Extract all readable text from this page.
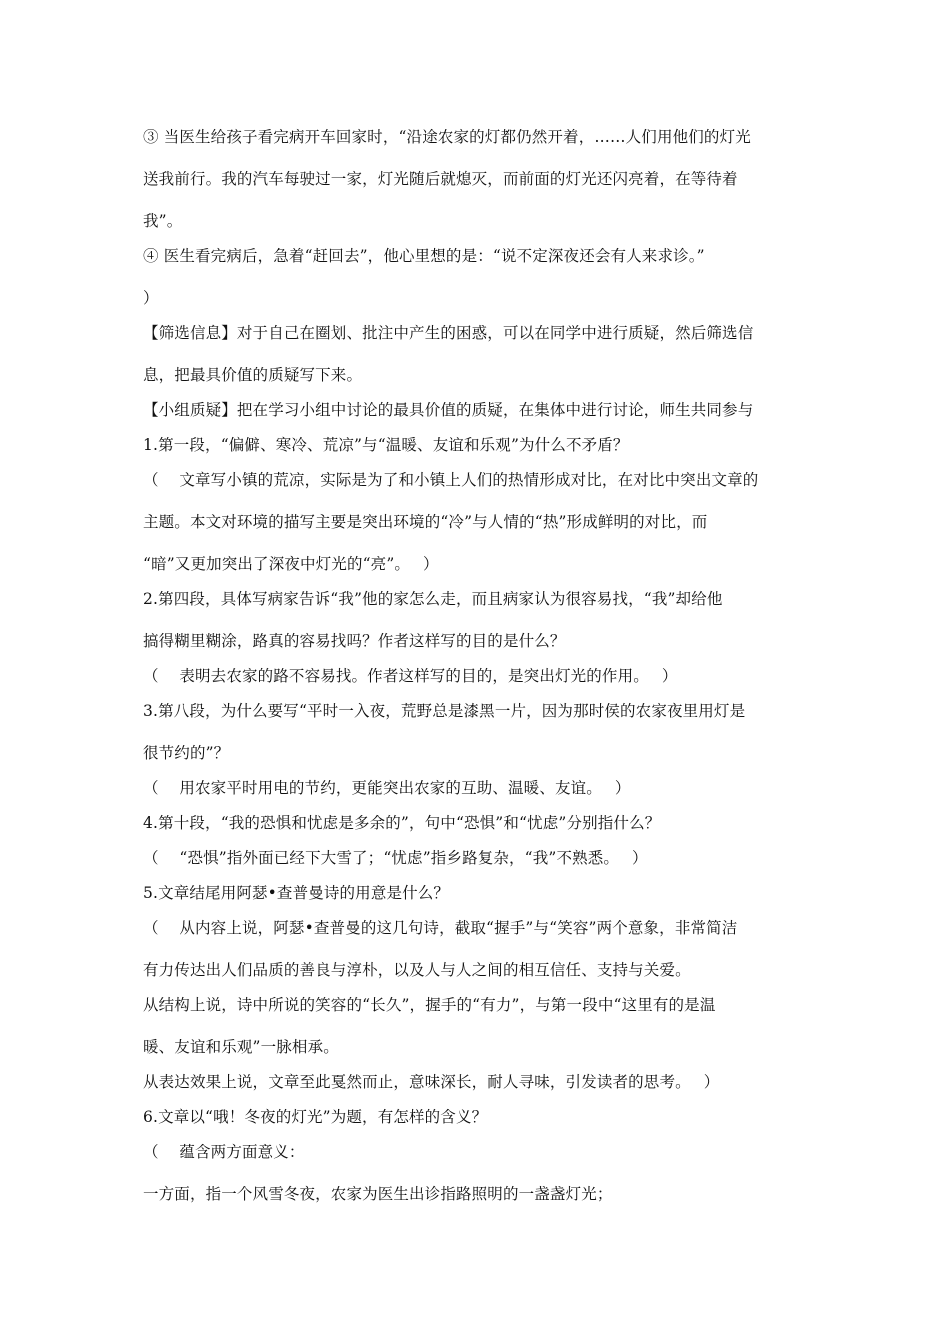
③ 当医生给孩子看完病开车回家时，“沿途农家的灯都仍然开着，……人们用他们的灯光
送我前行。我的汽车每驶过一家，灯光随后就熄灭，而前面的灯光还闪亮着，在等待着
我”。
④ 医生看完病后，急着“赶回去”，他心里想的是：“说不定深夜还会有人来求诊。”
）
【筛选信息】对于自己在圈划、批注中产生的困惑，可以在同学中进行质疑，然后筛选信
息，把最具价值的质疑写下来。
【小组质疑】把在学习小组中讨论的最具价值的质疑，在集体中进行讨论，师生共同参与
1.第一段，“偏僻、寒冷、荒凉”与“温暖、友谊和乐观”为什么不矛盾？
（　 文章写小镇的荒凉，实际是为了和小镇上人们的热情形成对比，在对比中突出文章的
主题。本文对环境的描写主要是突出环境的“冷”与人情的“热”形成鲜明的对比，而
“暗”又更加突出了深夜中灯光的“亮”。　 ）
2.第四段，具体写病家告诉“我”他的家怎么走，而且病家认为很容易找，“我”却给他
搞得糊里糊涂，路真的容易找吗？作者这样写的目的是什么？
（　 表明去农家的路不容易找。作者这样写的目的，是突出灯光的作用。　 ）
3.第八段，为什么要写“平时一入夜，荒野总是漆黑一片，因为那时侯的农家夜里用灯是
很节约的”？
（　 用农家平时用电的节约，更能突出农家的互助、温暖、友谊。　 ）
4.第十段，“我的恐惧和忧虑是多余的”，句中“恐惧”和“忧虑”分别指什么？
（　 “恐惧”指外面已经下大雪了；“忧虑”指乡路复杂，“我”不熟悉。　 ）
5.文章结尾用阿瑟•查普曼诗的用意是什么？
（　 从内容上说，阿瑟•查普曼的这几句诗，截取“握手”与“笑容”两个意象，非常简洁
有力传达出人们品质的善良与淳朴，以及人与人之间的相互信任、支持与关爱。
从结构上说，诗中所说的笑容的“长久”，握手的“有力”，与第一段中“这里有的是温
暖、友谊和乐观”一脉相承。
从表达效果上说，文章至此戛然而止，意味深长，耐人寻味，引发读者的思考。　 ）
6.文章以“哦！冬夜的灯光”为题，有怎样的含义？
（　 蕴含两方面意义：
一方面，指一个风雪冬夜，农家为医生出诊指路照明的一盏盏灯光；
